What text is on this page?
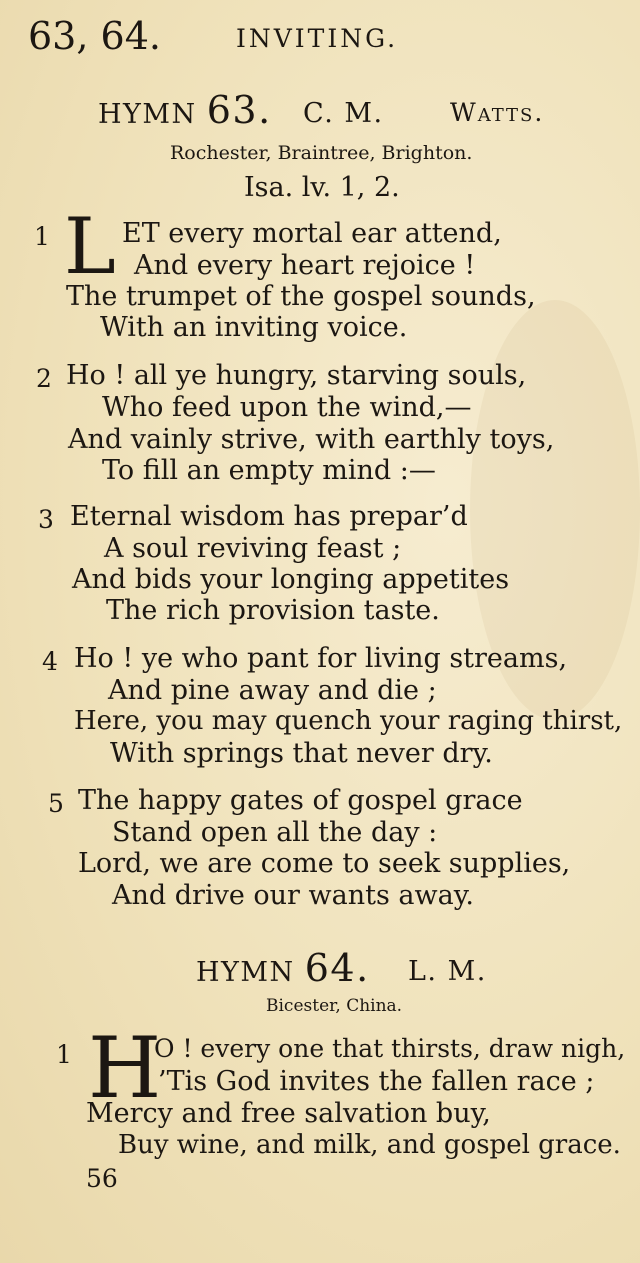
63, 64.	INVITING.
HYMN 63. C. M.	Watts.
Rochester, Braintree, Brighton.
Isa. lv. 1, 2.
1 L ET every mortal ear attend,
And every heart rejoice !
The trumpet of the gospel sounds,
With an inviting voice.
2 Ho ! all ye hungry, starving souls,
Who feed upon the wind,—
And vainly strive, with earthly toys,
To fill an empty mind :—
3 Eternal wisdom has prepar’d
A soul reviving feast ;
And bids your longing appetites
The rich provision taste.
4 Ho ! ye who pant for living streams,
And pine away and die ;
Here, you may quench your raging thirst,
With springs that never dry.
5 The happy gates of gospel grace
Stand open all the day :
Lord, we are come to seek supplies,
And drive our wants away.
HYMN 64. L. M.
Bicester, China.
1 H
O ! every one that thirsts, draw nigh,
’Tis God invites the fallen race ;
Mercy and free salvation buy,
Buy wine, and milk, and gospel grace.
56
